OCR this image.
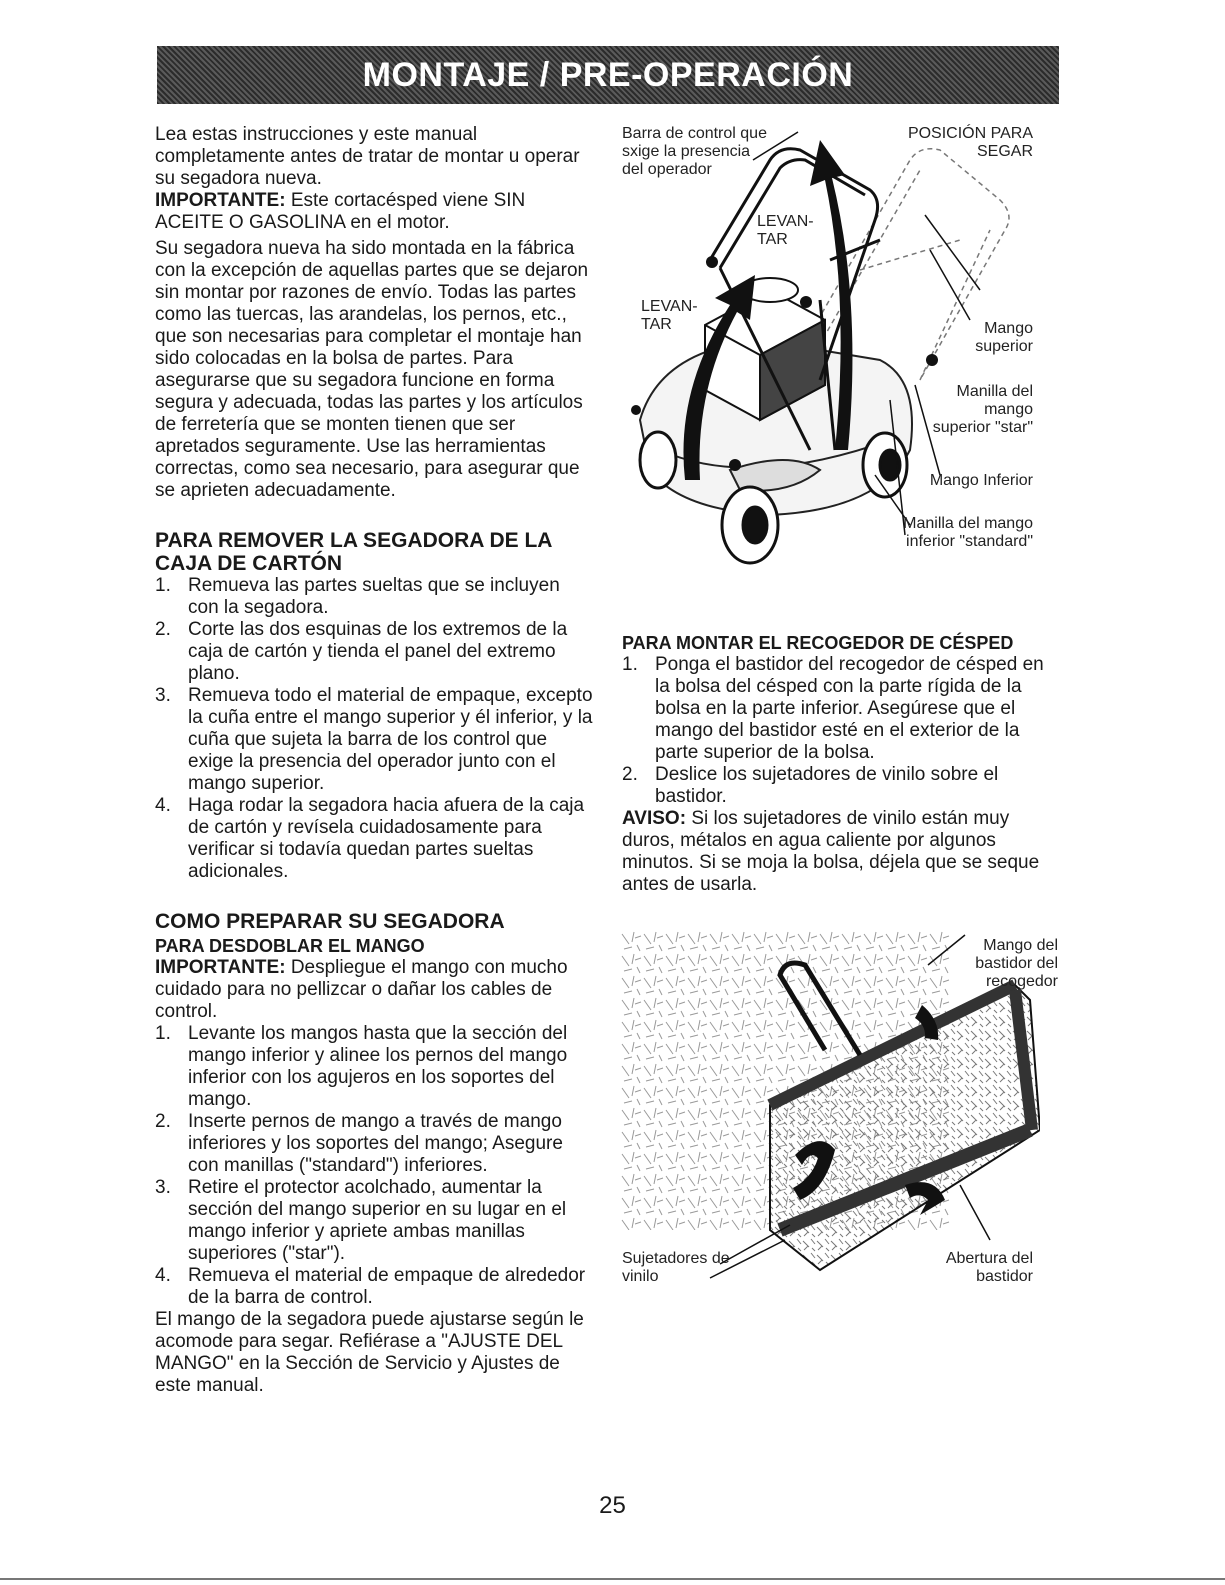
MONTAJE / PRE-OPERACIÓN

Lea estas instrucciones y este manual completamente antes de tratar de montar u operar su segadora nueva.

IMPORTANTE: Este cortacésped viene SIN ACEITE O GASOLINA en el motor.

Su segadora nueva ha sido montada en la fábrica con la excepción de aquellas partes que se dejaron sin montar por razones de envío. Todas las partes como las tuercas, las arandelas, los pernos, etc., que son necesarias para completar el montaje han sido colocadas en la bolsa de partes. Para asegurarse que su segadora funcione en forma segura y adecuada, todas las partes y los artículos de ferretería que se monten tienen que ser apretados seguramente. Use las herramientas correctas, como sea necesario, para asegurar que se aprieten adecuadamente.

PARA REMOVER LA SEGADORA DE LA CAJA DE CARTÓN
1. Remueva las partes sueltas que se incluyen con la segadora.
2. Corte las dos esquinas de los extremos de la caja de cartón y tienda el panel del extremo plano.
3. Remueva todo el material de empaque, excepto la cuña entre el mango superior y él inferior, y la cuña que sujeta la barra de los control que exige la presencia del operador junto con el mango superior.
4. Haga rodar la segadora hacia afuera de la caja de cartón y revísela cuidadosamente para verificar si todavía quedan partes sueltas adicionales.
COMO PREPARAR SU SEGADORA
PARA DESDOBLAR EL MANGO

IMPORTANTE: Despliegue el mango con mucho cuidado para no pellizcar o dañar los cables de control.

1. Levante los mangos hasta que la sección del mango inferior y alinee los pernos del mango inferior con los agujeros en los soportes del mango.
2. Inserte pernos de mango a través de mango inferiores y los soportes del mango; Asegure con manillas ("standard") inferiores.
3. Retire el protector acolchado, aumentar la sección del mango superior en su lugar en el mango inferior y apriete ambas manillas superiores ("star").
4. Remueva el material de empaque de alrededor de la barra de control.

El mango de la segadora puede ajustarse según le acomode para segar. Refiérase a "AJUSTE DEL MANGO" en la Sección de Servicio y Ajustes de este manual.

Barra de control que sxige la presencia del operador
POSICIÓN PARA SEGAR
LEVAN- TAR
LEVAN- TAR	Mango superior
Manilla del mango superior "star"
Mango Inferior
Manilla del mango inferior "standard"
PARA MONTAR EL RECOGEDOR DE CÉSPED
1. Ponga el bastidor del recogedor de césped en la bolsa del césped con la parte rígida de la bolsa en la parte inferior. Asegúrese que el mango del bastidor esté en el exterior de la parte superior de la bolsa.
2. Deslice los sujetadores de vinilo sobre el bastidor.

AVISO: Si los sujetadores de vinilo están muy duros, métalos en agua caliente por algunos minutos. Si se moja la bolsa, déjela que se seque antes de usarla.

Mango del bastidor del recogedor
Sujetadores de vinilo
Abertura del bastidor
25
